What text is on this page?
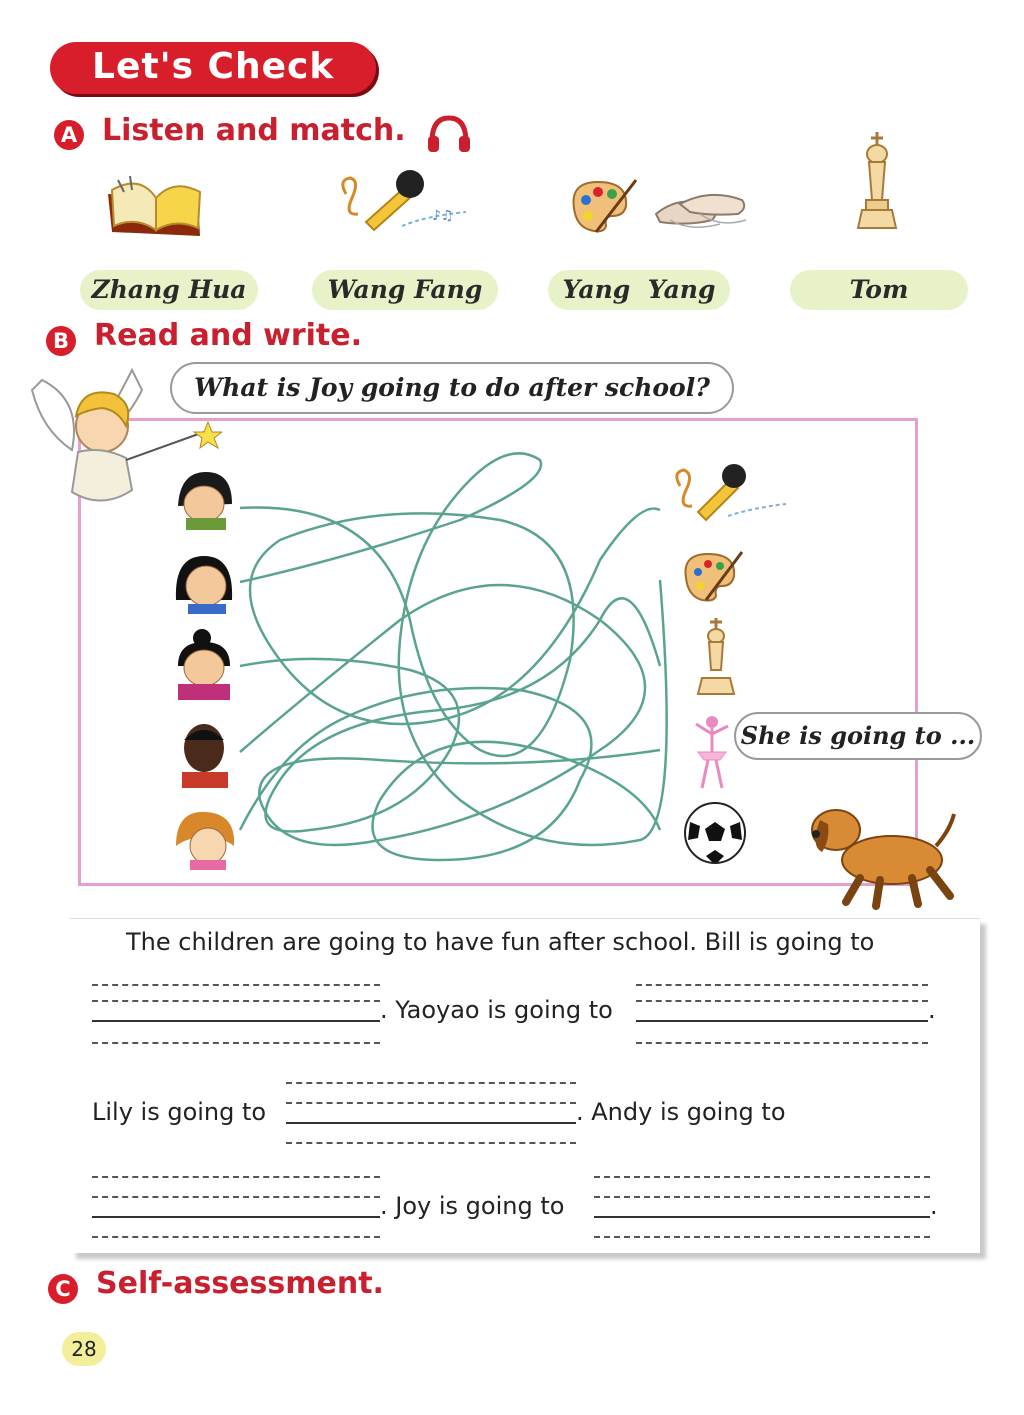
Let's Check
A Listen and match.
♪♫
Zhang Hua	Wang Fang	Yang  Yang	Tom
B Read and write.
What is Joy going to do after school?
She is going to ...
The children are going to have fun after school. Bill is going to
. Yaoyao is going to	.
Lily is going to	. Andy is going to
. Joy is going to	.
C Self-assessment.
28
